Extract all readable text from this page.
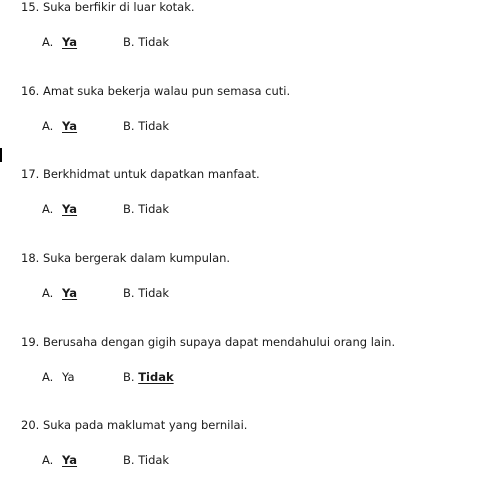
15. Suka berfikir di luar kotak.
A. Ya	B. Tidak
16. Amat suka bekerja walau pun semasa cuti.
A. Ya	B. Tidak
17. Berkhidmat untuk dapatkan manfaat.
A. Ya	B. Tidak
18. Suka bergerak dalam kumpulan.
A. Ya	B. Tidak
19. Berusaha dengan gigih supaya dapat mendahului orang lain.
A. Ya	B. Tidak
20. Suka pada maklumat yang bernilai.
A. Ya	B. Tidak
